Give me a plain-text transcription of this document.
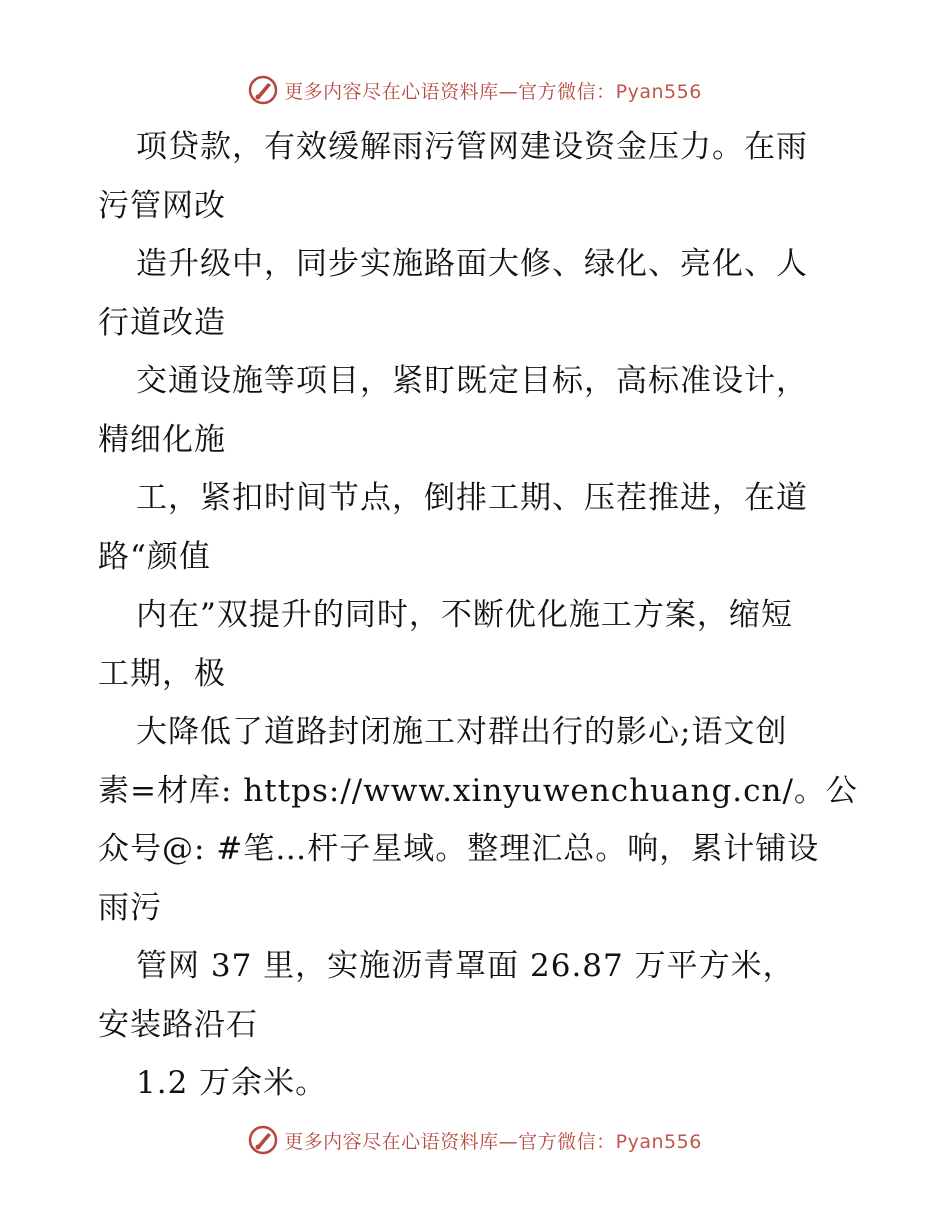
更多内容尽在心语资料库—官方微信：Pyan556
项贷款，有效缓解雨污管网建设资金压力。在雨
污管网改
造升级中，同步实施路面大修、绿化、亮化、人
行道改造
交通设施等项目，紧盯既定目标，高标准设计，
精细化施
工，紧扣时间节点，倒排工期、压茬推进，在道
路“颜值
内在”双提升的同时，不断优化施工方案，缩短
工期，极
大降低了道路封闭施工对群出行的影心;语文创
素=材库: https://www.xinyuwenchuang.cn/。公
众号@: #笔…杆子星域。整理汇总。响，累计铺设
雨污
管网 37 里，实施沥青罩面 26.87 万平方米，
安装路沿石
1.2 万余米。
更多内容尽在心语资料库—官方微信：Pyan556
